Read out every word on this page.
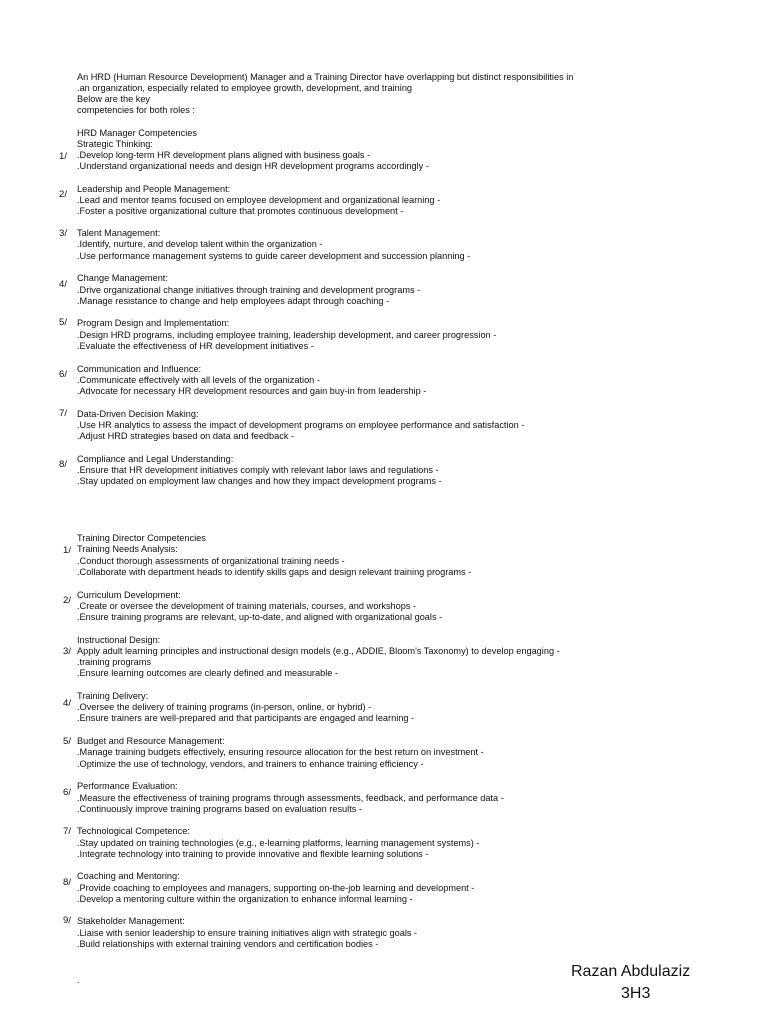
An HRD (Human Resource Development) Manager and a Training Director have overlapping but distinct responsibilities in
.an organization, especially related to employee growth, development, and training
Below are the key
competencies for both roles :
HRD Manager Competencies
1/
Strategic Thinking:
.Develop long-term HR development plans aligned with business goals -
.Understand organizational needs and design HR development programs accordingly -
2/ Leadership and People Management:
.Lead and mentor teams focused on employee development and organizational learning -
.Foster a positive organizational culture that promotes continuous development -
3/ Talent Management:
.Identify, nurture, and develop talent within the organization -
.Use performance management systems to guide career development and succession planning -
4/
Change Management:
.Drive organizational change initiatives through training and development programs -
.Manage resistance to change and help employees adapt through coaching -
5/ Program Design and Implementation:
.Design HRD programs, including employee training, leadership development, and career progression -
.Evaluate the effectiveness of HR development initiatives -
6/ Communication and Influence:
.Communicate effectively with all levels of the organization -
.Advocate for necessary HR development resources and gain buy-in from leadership -
7/ Data-Driven Decision Making:
.Use HR analytics to assess the impact of development programs on employee performance and satisfaction -
.Adjust HRD strategies based on data and feedback -
8/ Compliance and Legal Understanding:
.Ensure that HR development initiatives comply with relevant labor laws and regulations -
.Stay updated on employment law changes and how they impact development programs -
Training Director Competencies
1/ Training Needs Analysis:
.Conduct thorough assessments of organizational training needs -
.Collaborate with department heads to identify skills gaps and design relevant training programs -
2/ Curriculum Development:
.Create or oversee the development of training materials, courses, and workshops -
.Ensure training programs are relevant, up-to-date, and aligned with organizational goals -
3/
Instructional Design:
Apply adult learning principles and instructional design models (e.g., ADDIE, Bloom's Taxonomy) to develop engaging -
.training programs
.Ensure learning outcomes are clearly defined and measurable -
4/
Training Delivery:
.Oversee the delivery of training programs (in-person, online, or hybrid) -
.Ensure trainers are well-prepared and that participants are engaged and learning -
5/ Budget and Resource Management:
.Manage training budgets effectively, ensuring resource allocation for the best return on investment -
.Optimize the use of technology, vendors, and trainers to enhance training efficiency -
6/
Performance Evaluation:
.Measure the effectiveness of training programs through assessments, feedback, and performance data -
.Continuously improve training programs based on evaluation results -
7/ Technological Competence:
.Stay updated on training technologies (e.g., e-learning platforms, learning management systems) -
.Integrate technology into training to provide innovative and flexible learning solutions -
8/
Coaching and Mentoring:
.Provide coaching to employees and managers, supporting on-the-job learning and development -
.Develop a mentoring culture within the organization to enhance informal learning -
9/ Stakeholder Management:
.Liaise with senior leadership to ensure training initiatives align with strategic goals -
.Build relationships with external training vendors and certification bodies -
.	Razan Abdulaziz
3H3
